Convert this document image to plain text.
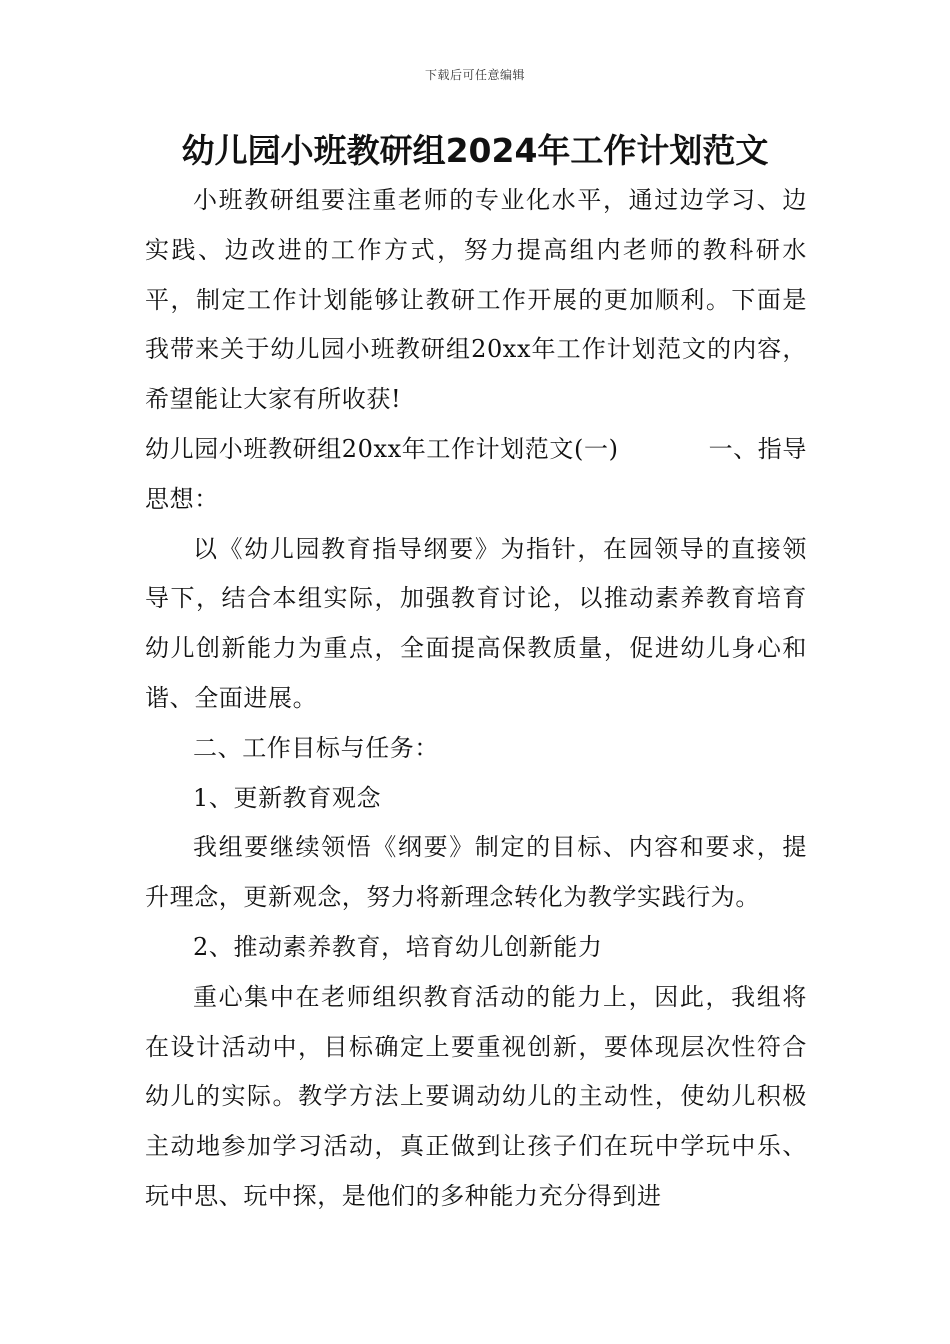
下载后可任意编辑
幼儿园小班教研组2024年工作计划范文

小班教研组要注重老师的专业化水平，通过边学习、边实践、边改进的工作方式，努力提高组内老师的教科研水平，制定工作计划能够让教研工作开展的更加顺利。下面是我带来关于幼儿园小班教研组20xx年工作计划范文的内容，希望能让大家有所收获!

幼儿园小班教研组20xx年工作计划范文(一)	一、指导

思想：

以《幼儿园教育指导纲要》为指针，在园领导的直接领导下，结合本组实际，加强教育讨论，以推动素养教育培育幼儿创新能力为重点，全面提高保教质量，促进幼儿身心和谐、全面进展。

二、工作目标与任务：

1、更新教育观念

我组要继续领悟《纲要》制定的目标、内容和要求，提升理念，更新观念，努力将新理念转化为教学实践行为。

2、推动素养教育，培育幼儿创新能力

重心集中在老师组织教育活动的能力上，因此，我组将在设计活动中，目标确定上要重视创新，要体现层次性符合幼儿的实际。教学方法上要调动幼儿的主动性，使幼儿积极主动地参加学习活动，真正做到让孩子们在玩中学玩中乐、玩中思、玩中探，是他们的多种能力充分得到进
